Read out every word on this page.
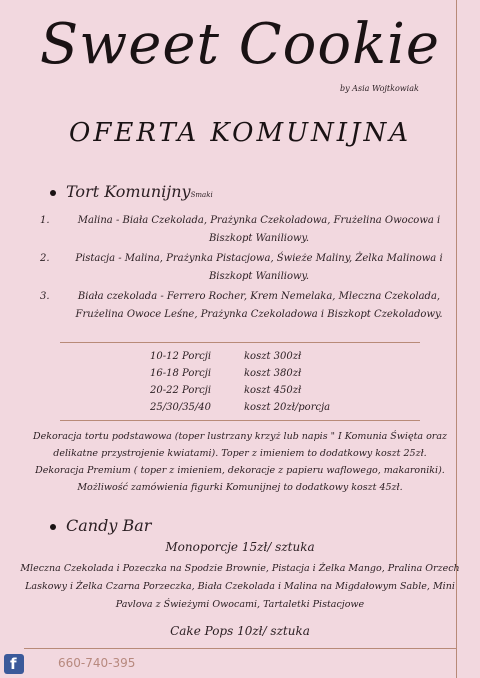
Sweet Cookie
by Asia Wojtkowiak
OFERTA KOMUNIJNA
Tort KomunijnySmaki
1.	Malina - Biała Czekolada, Prażynka Czekoladowa, Frużelina Owocowa i Biszkopt Waniliowy.
2.	Pistacja - Malina, Prażynka Pistacjowa, Świeże Maliny, Żelka Malinowa i Biszkopt Waniliowy.
3.	Biała czekolada - Ferrero Rocher, Krem Nemelaka, Mleczna Czekolada, Frużelina Owoce Leśne, Prażynka Czekoladowa i Biszkopt Czekoladowy.
10-12 Porcji	koszt 300zł
16-18 Porcji	koszt 380zł
20-22 Porcji	koszt 450zł
25/30/35/40	koszt 20zł/porcja
Dekoracja tortu podstawowa (toper lustrzany krzyż lub napis " I Komunia Święta oraz delikatne przystrojenie kwiatami). Toper z imieniem to dodatkowy koszt 25zł.
Dekoracja Premium ( toper z imieniem, dekoracje z papieru waflowego, makaroniki).
Możliwość zamówienia figurki Komunijnej to dodatkowy koszt 45zł.
Candy Bar
Monoporcje 15zł/ sztuka
Mleczna Czekolada i Pozeczka na Spodzie Brownie, Pistacja i Żelka Mango, Pralina Orzech Laskowy i Żelka Czarna Porzeczka, Biała Czekolada i Malina na Migdałowym Sable, Mini Pavlova z Świeżymi Owocami, Tartaletki Pistacjowe
Cake Pops 10zł/ sztuka
f	660-740-395
